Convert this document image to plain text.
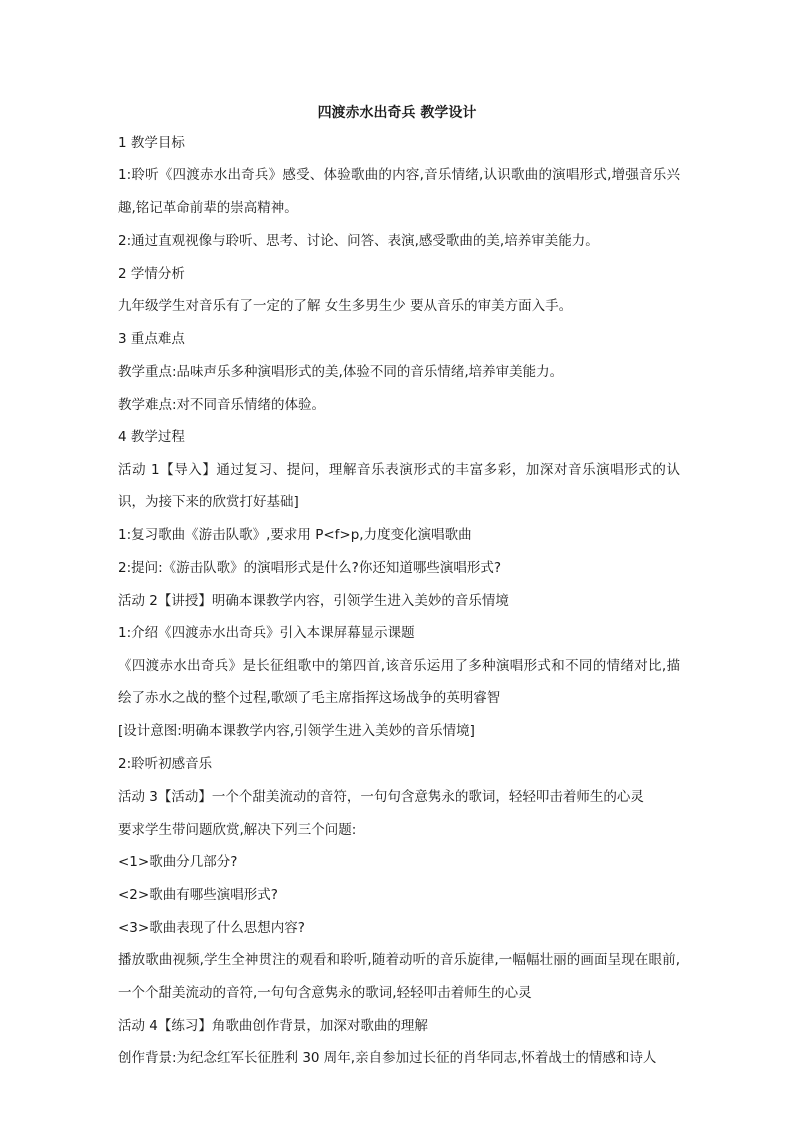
四渡赤水出奇兵 教学设计
1 教学目标
1:聆听《四渡赤水出奇兵》感受、体验歌曲的内容,音乐情绪,认识歌曲的演唱形式,增强音乐兴趣,铭记革命前辈的崇高精神。
2:通过直观视像与聆听、思考、讨论、问答、表演,感受歌曲的美,培养审美能力。
2 学情分析
九年级学生对音乐有了一定的了解 女生多男生少 要从音乐的审美方面入手。
3 重点难点
教学重点:品味声乐多种演唱形式的美,体验不同的音乐情绪,培养审美能力。
教学难点:对不同音乐情绪的体验。
4 教学过程
活动 1【导入】通过复习、提问，理解音乐表演形式的丰富多彩，加深对音乐演唱形式的认识，为接下来的欣赏打好基础]
1:复习歌曲《游击队歌》,要求用 P<f>p,力度变化演唱歌曲
2:提问:《游击队歌》的演唱形式是什么?你还知道哪些演唱形式?
活动 2【讲授】明确本课教学内容，引领学生进入美妙的音乐情境
1:介绍《四渡赤水出奇兵》引入本课屏幕显示课题
《四渡赤水出奇兵》是长征组歌中的第四首,该音乐运用了多种演唱形式和不同的情绪对比,描绘了赤水之战的整个过程,歌颂了毛主席指挥这场战争的英明睿智
[设计意图:明确本课教学内容,引领学生进入美妙的音乐情境]
2:聆听初感音乐
活动 3【活动】一个个甜美流动的音符，一句句含意隽永的歌词，轻轻叩击着师生的心灵
要求学生带问题欣赏,解决下列三个问题:
<1>歌曲分几部分?
<2>歌曲有哪些演唱形式?
<3>歌曲表现了什么思想内容?
播放歌曲视频,学生全神贯注的观看和聆听,随着动听的音乐旋律,一幅幅壮丽的画面呈现在眼前,一个个甜美流动的音符,一句句含意隽永的歌词,轻轻叩击着师生的心灵
活动 4【练习】角歌曲创作背景，加深对歌曲的理解
创作背景:为纪念红军长征胜利 30 周年,亲自参加过长征的肖华同志,怀着战士的情感和诗人
